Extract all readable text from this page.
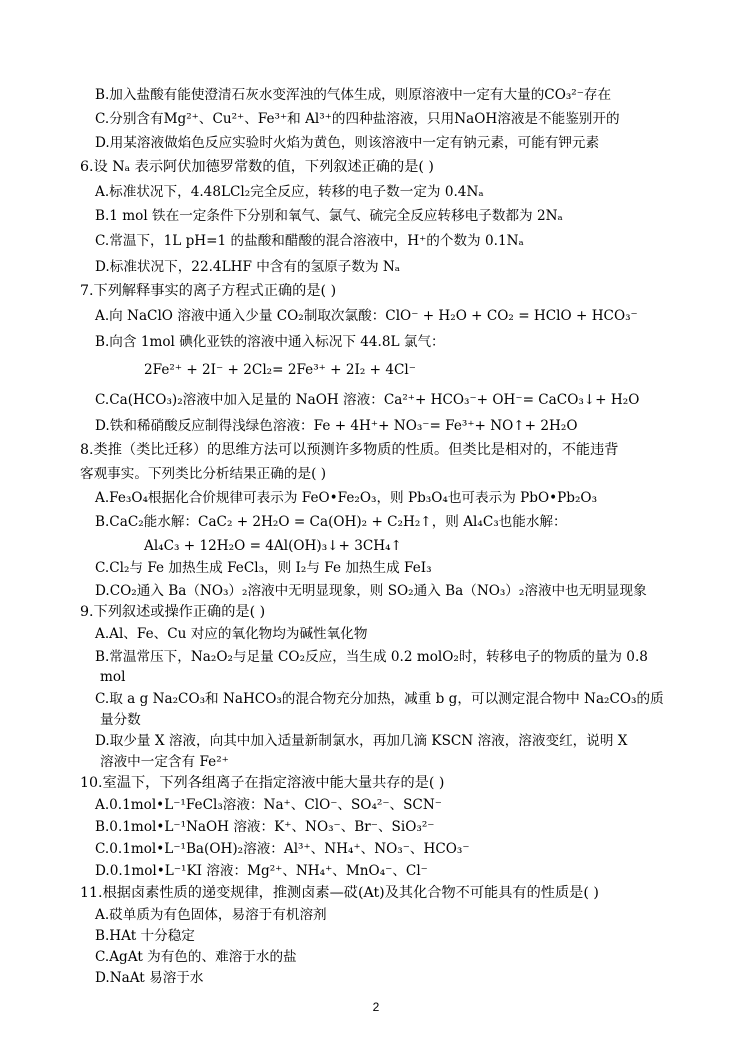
B.加入盐酸有能使澄清石灰水变浑浊的气体生成，则原溶液中一定有大量的CO₃²⁻存在
C.分别含有Mg²⁺、Cu²⁺、Fe³⁺和 Al³⁺的四种盐溶液，只用NaOH溶液是不能鉴别开的
D.用某溶液做焰色反应实验时火焰为黄色，则该溶液中一定有钠元素，可能有钾元素
6.设 Nₐ 表示阿伏加德罗常数的值，下列叙述正确的是( )
A.标准状况下，4.48LCl₂完全反应，转移的电子数一定为 0.4Nₐ
B.1 mol 铁在一定条件下分别和氧气、氯气、硫完全反应转移电子数都为 2Nₐ
C.常温下，1L pH=1 的盐酸和醋酸的混合溶液中，H⁺的个数为 0.1Nₐ
D.标准状况下，22.4LHF 中含有的氢原子数为 Nₐ
7.下列解释事实的离子方程式正确的是( )
A.向 NaClO 溶液中通入少量 CO₂制取次氯酸：ClO⁻ + H₂O + CO₂ = HClO + HCO₃⁻
B.向含 1mol 碘化亚铁的溶液中通入标况下 44.8L 氯气：
2Fe²⁺ + 2I⁻ + 2Cl₂= 2Fe³⁺ + 2I₂ + 4Cl⁻
C.Ca(HCO₃)₂溶液中加入足量的 NaOH 溶液：Ca²⁺+ HCO₃⁻+ OH⁻= CaCO₃↓+ H₂O
D.铁和稀硝酸反应制得浅绿色溶液：Fe + 4H⁺+ NO₃⁻= Fe³⁺+ NO↑+ 2H₂O
8.类推（类比迁移）的思维方法可以预测许多物质的性质。但类比是相对的，不能违背
客观事实。下列类比分析结果正确的是( )
A.Fe₃O₄根据化合价规律可表示为 FeO•Fe₂O₃，则 Pb₃O₄也可表示为 PbO•Pb₂O₃
B.CaC₂能水解：CaC₂ + 2H₂O = Ca(OH)₂ + C₂H₂↑，则 Al₄C₃也能水解：
Al₄C₃ + 12H₂O = 4Al(OH)₃↓+ 3CH₄↑
C.Cl₂与 Fe 加热生成 FeCl₃，则 I₂与 Fe 加热生成 FeI₃
D.CO₂通入 Ba（NO₃）₂溶液中无明显现象，则 SO₂通入 Ba（NO₃）₂溶液中也无明显现象
9.下列叙述或操作正确的是( )
A.Al、Fe、Cu 对应的氧化物均为碱性氧化物
B.常温常压下，Na₂O₂与足量 CO₂反应，当生成 0.2 molO₂时，转移电子的物质的量为 0.8
mol
C.取 a g Na₂CO₃和 NaHCO₃的混合物充分加热，减重 b g，可以测定混合物中 Na₂CO₃的质
量分数
D.取少量 X 溶液，向其中加入适量新制氯水，再加几滴 KSCN 溶液，溶液变红，说明 X
溶液中一定含有 Fe²⁺
10.室温下，下列各组离子在指定溶液中能大量共存的是( )
A.0.1mol•L⁻¹FeCl₃溶液：Na⁺、ClO⁻、SO₄²⁻、SCN⁻
B.0.1mol•L⁻¹NaOH 溶液：K⁺、NO₃⁻、Br⁻、SiO₃²⁻
C.0.1mol•L⁻¹Ba(OH)₂溶液：Al³⁺、NH₄⁺、NO₃⁻、HCO₃⁻
D.0.1mol•L⁻¹KI 溶液：Mg²⁺、NH₄⁺、MnO₄⁻、Cl⁻
11.根据卤素性质的递变规律，推测卤素—砹(At)及其化合物不可能具有的性质是( )
A.砹单质为有色固体，易溶于有机溶剂
B.HAt 十分稳定
C.AgAt 为有色的、难溶于水的盐
D.NaAt 易溶于水
2
